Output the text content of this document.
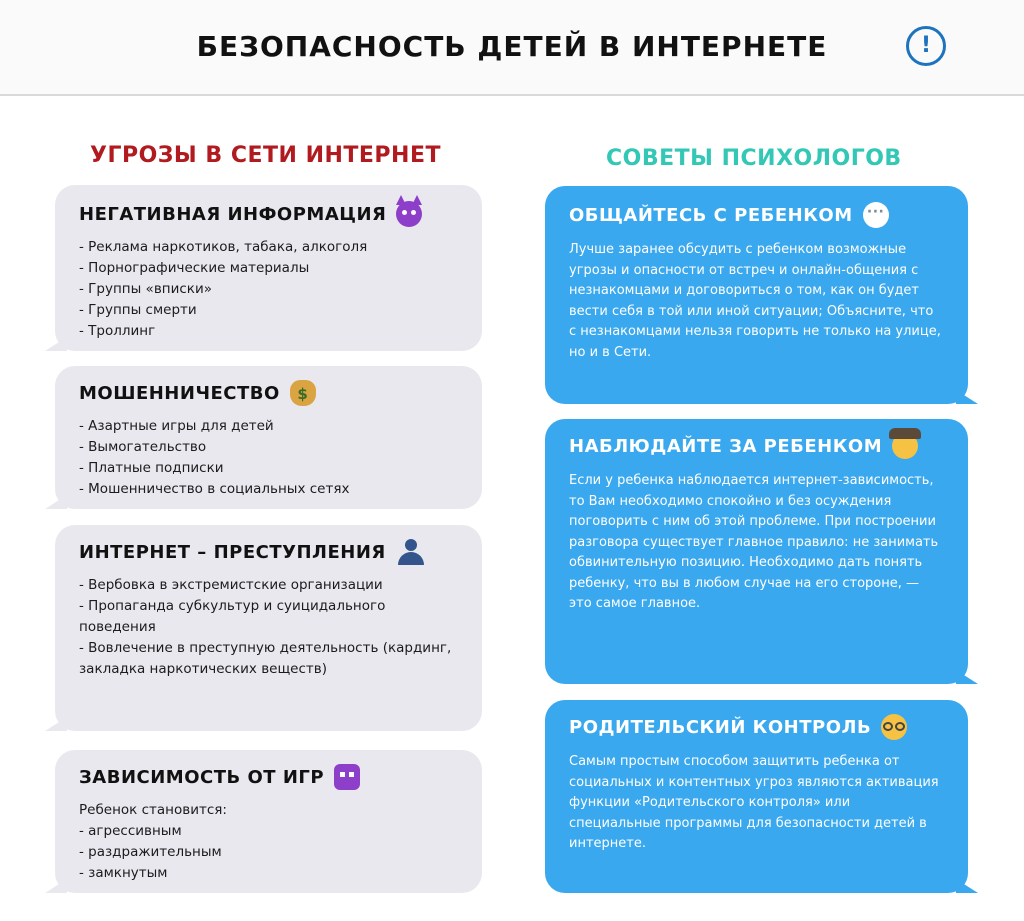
БЕЗОПАСНОСТЬ ДЕТЕЙ В ИНТЕРНЕТЕ	!
УГРОЗЫ В СЕТИ ИНТЕРНЕТ	СОВЕТЫ ПСИХОЛОГОВ
НЕГАТИВНАЯ ИНФОРМАЦИЯ
- Реклама наркотиков, табака, алкоголя
- Порнографические материалы
- Группы «вписки»
- Группы смерти
- Троллинг
МОШЕННИЧЕСТВО	$
- Азартные игры для детей
- Вымогательство
- Платные подписки
- Мошенничество в социальных сетях
ИНТЕРНЕТ – ПРЕСТУПЛЕНИЯ
- Вербовка в экстремистские организации
- Пропаганда субкультур и суицидального поведения
- Вовлечение в преступную деятельность (кардинг, закладка наркотических веществ)
ЗАВИСИМОСТЬ ОТ ИГР
Ребенок становится:
- агрессивным
- раздражительным
- замкнутым
ОБЩАЙТЕСЬ С РЕБЕНКОМ	···
Лучше заранее обсудить с ребенком возможные угрозы и опасности от встреч и онлайн-общения с незнакомцами и договориться о том, как он будет вести себя в той или иной ситуации; Объясните, что с незнакомцами нельзя говорить не только на улице, но и в Сети.
НАБЛЮДАЙТЕ ЗА РЕБЕНКОМ
Если у ребенка наблюдается интернет-зависимость, то Вам необходимо спокойно и без осуждения поговорить с ним об этой проблеме. При построении разговора существует главное правило: не занимать обвинительную позицию. Необходимо дать понять ребенку, что вы в любом случае на его стороне, — это самое главное.
РОДИТЕЛЬСКИЙ КОНТРОЛЬ
Самым простым способом защитить ребенка от социальных и контентных угроз являются активация функции «Родительского контроля» или специальные программы для безопасности детей в интернете.
